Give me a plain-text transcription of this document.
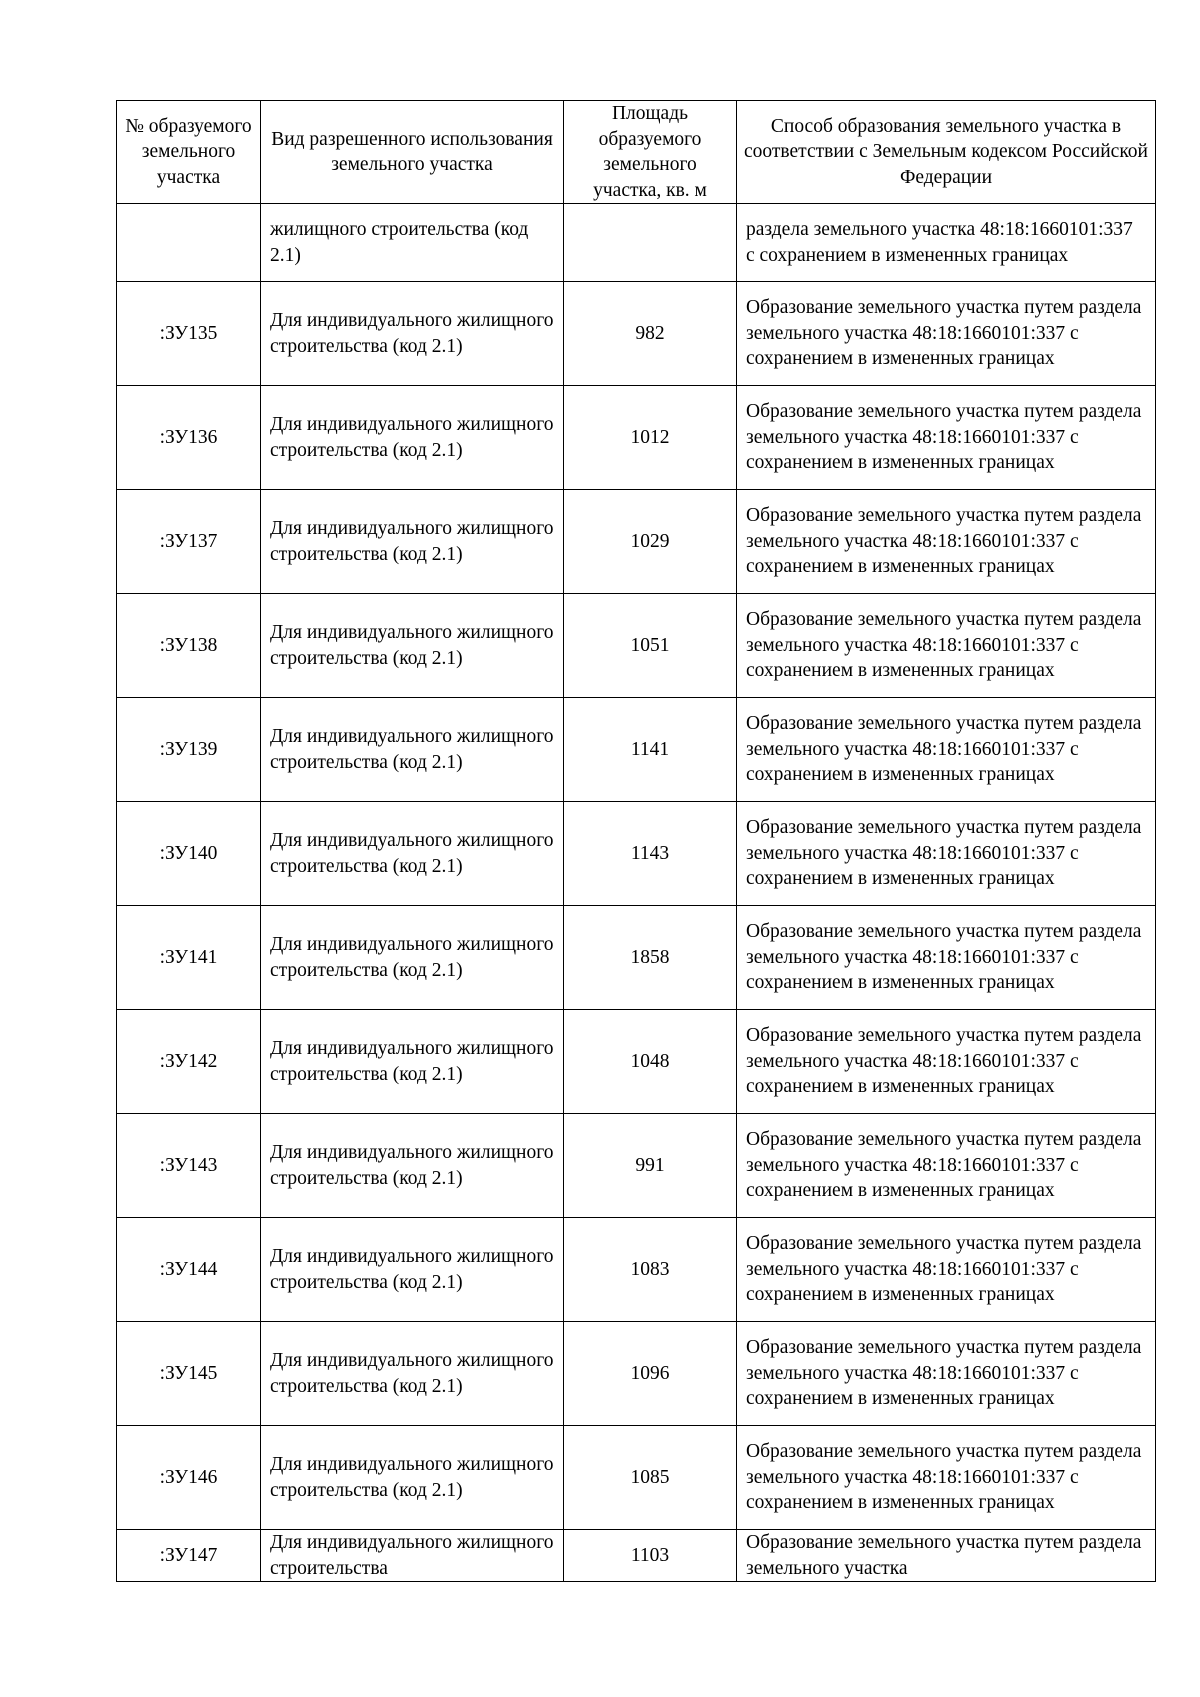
№ образуемого земельного участка	Вид разрешенного использования земельного участка	Площадь образуемого земельного участка, кв. м	Способ образования земельного участка в соответствии с Земельным кодексом Российской Федерации
	жилищного строительства (код 2.1)		раздела земельного участка 48:18:1660101:337 с сохранением в измененных границах
:ЗУ135	Для индивидуального жилищного строительства (код 2.1)	982	Образование земельного участка путем раздела земельного участка 48:18:1660101:337 с сохранением в измененных границах
:ЗУ136	Для индивидуального жилищного строительства (код 2.1)	1012	Образование земельного участка путем раздела земельного участка 48:18:1660101:337 с сохранением в измененных границах
:ЗУ137	Для индивидуального жилищного строительства (код 2.1)	1029	Образование земельного участка путем раздела земельного участка 48:18:1660101:337 с сохранением в измененных границах
:ЗУ138	Для индивидуального жилищного строительства (код 2.1)	1051	Образование земельного участка путем раздела земельного участка 48:18:1660101:337 с сохранением в измененных границах
:ЗУ139	Для индивидуального жилищного строительства (код 2.1)	1141	Образование земельного участка путем раздела земельного участка 48:18:1660101:337 с сохранением в измененных границах
:ЗУ140	Для индивидуального жилищного строительства (код 2.1)	1143	Образование земельного участка путем раздела земельного участка 48:18:1660101:337 с сохранением в измененных границах
:ЗУ141	Для индивидуального жилищного строительства (код 2.1)	1858	Образование земельного участка путем раздела земельного участка 48:18:1660101:337 с сохранением в измененных границах
:ЗУ142	Для индивидуального жилищного строительства (код 2.1)	1048	Образование земельного участка путем раздела земельного участка 48:18:1660101:337 с сохранением в измененных границах
:ЗУ143	Для индивидуального жилищного строительства (код 2.1)	991	Образование земельного участка путем раздела земельного участка 48:18:1660101:337 с сохранением в измененных границах
:ЗУ144	Для индивидуального жилищного строительства (код 2.1)	1083	Образование земельного участка путем раздела земельного участка 48:18:1660101:337 с сохранением в измененных границах
:ЗУ145	Для индивидуального жилищного строительства (код 2.1)	1096	Образование земельного участка путем раздела земельного участка 48:18:1660101:337 с сохранением в измененных границах
:ЗУ146	Для индивидуального жилищного строительства (код 2.1)	1085	Образование земельного участка путем раздела земельного участка 48:18:1660101:337 с сохранением в измененных границах
:ЗУ147	Для индивидуального жилищного строительства	1103	Образование земельного участка путем раздела земельного участка
